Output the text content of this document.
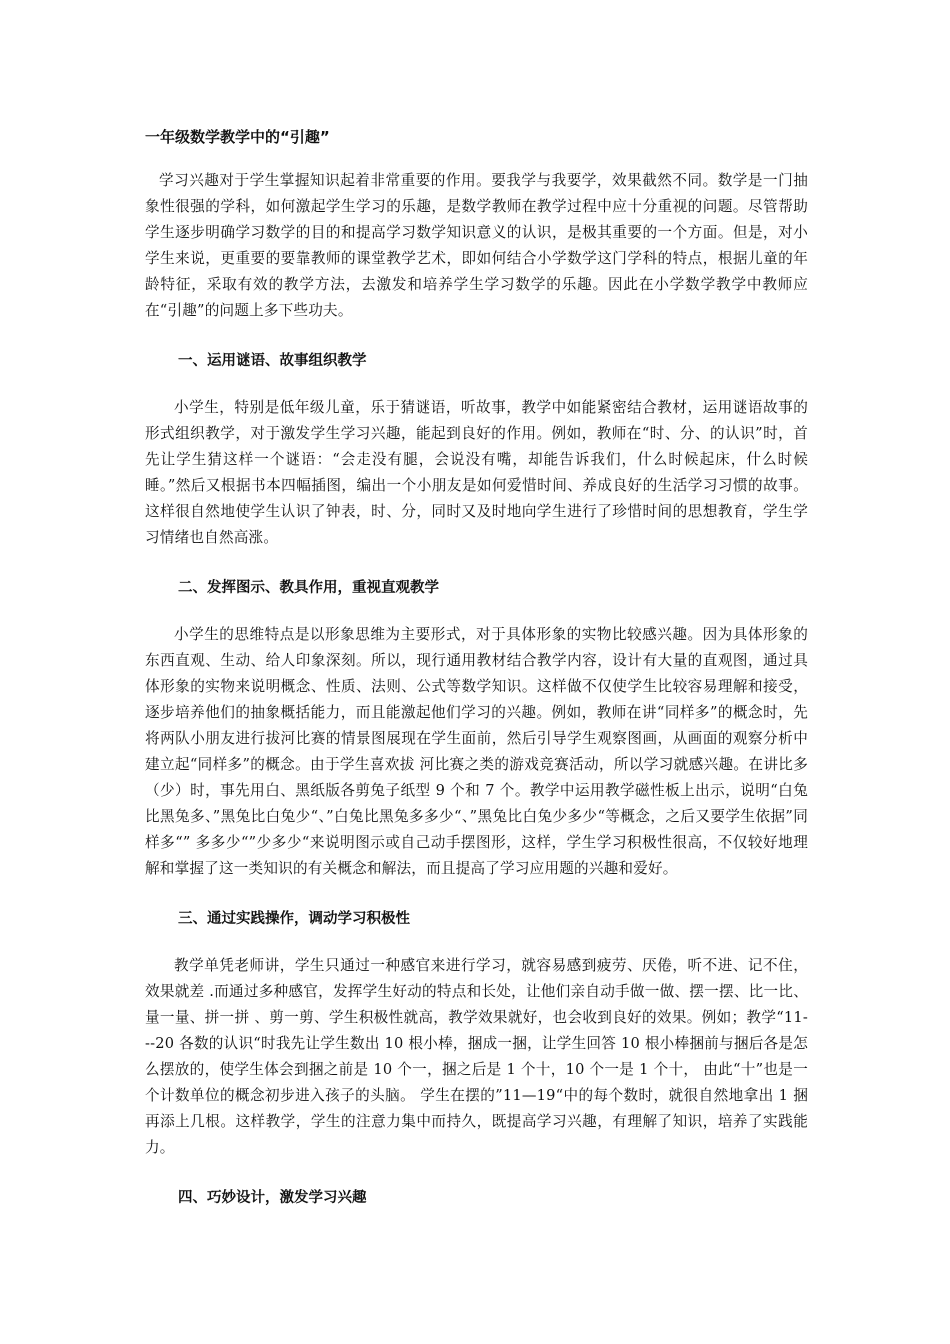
一年级数学教学中的“引趣”

学习兴趣对于学生掌握知识起着非常重要的作用。要我学与我要学，效果截然不同。数学是一门抽象性很强的学科，如何激起学生学习的乐趣，是数学教师在教学过程中应十分重视的问题。尽管帮助学生逐步明确学习数学的目的和提高学习数学知识意义的认识，是极其重要的一个方面。但是，对小学生来说，更重要的要靠教师的课堂教学艺术，即如何结合小学数学这门学科的特点，根据儿童的年龄特征，采取有效的教学方法，去激发和培养学生学习数学的乐趣。因此在小学数学教学中教师应在“引趣”的问题上多下些功夫。

一、运用谜语、故事组织教学

小学生，特别是低年级儿童，乐于猜谜语，听故事，教学中如能紧密结合教材，运用谜语故事的形式组织教学，对于激发学生学习兴趣，能起到良好的作用。例如，教师在“时、分、的认识”时，首先让学生猜这样一个谜语：“会走没有腿，会说没有嘴，却能告诉我们，什么时候起床，什么时候睡。”然后又根据书本四幅插图，编出一个小朋友是如何爱惜时间、养成良好的生活学习习惯的故事。这样很自然地使学生认识了钟表，时、分，同时又及时地向学生进行了珍惜时间的思想教育，学生学习情绪也自然高涨。

二、发挥图示、教具作用，重视直观教学

小学生的思维特点是以形象思维为主要形式，对于具体形象的实物比较感兴趣。因为具体形象的东西直观、生动、给人印象深刻。所以，现行通用教材结合教学内容，设计有大量的直观图，通过具体形象的实物来说明概念、性质、法则、公式等数学知识。这样做不仅使学生比较容易理解和接受，逐步培养他们的抽象概括能力，而且能激起他们学习的兴趣。例如，教师在讲“同样多”的概念时，先将两队小朋友进行拔河比赛的情景图展现在学生面前，然后引导学生观察图画，从画面的观察分析中建立起“同样多”的概念。由于学生喜欢拔 河比赛之类的游戏竞赛活动，所以学习就感兴趣。在讲比多（少）时，事先用白、黑纸版各剪兔子纸型 9 个和 7 个。教学中运用教学磁性板上出示，说明“白兔比黑兔多、”黑兔比白兔少“、”白兔比黑兔多多少“、”黑兔比白兔少多少“等概念，之后又要学生依据”同样多“” 多多少“”少多少“来说明图示或自己动手摆图形，这样，学生学习积极性很高，不仅较好地理解和掌握了这一类知识的有关概念和解法，而且提高了学习应用题的兴趣和爱好。

三、通过实践操作，调动学习积极性

教学单凭老师讲，学生只通过一种感官来进行学习，就容易感到疲劳、厌倦，听不进、记不住，效果就差 .而通过多种感官，发挥学生好动的特点和长处，让他们亲自动手做一做、摆一摆、比一比、量一量、拼一拼 、剪一剪、学生积极性就高，教学效果就好，也会收到良好的效果。例如；教学“11---20 各数的认识“时我先让学生数出 10 根小棒，捆成一捆，让学生回答 10 根小棒捆前与捆后各是怎么摆放的，使学生体会到捆之前是 10 个一，捆之后是 1 个十，10 个一是 1 个十， 由此“十”也是一个计数单位的概念初步进入孩子的头脑。 学生在摆的”11—19“中的每个数时，就很自然地拿出 1 捆再添上几根。这样教学，学生的注意力集中而持久，既提高学习兴趣，有理解了知识，培养了实践能力。

四、巧妙设计，激发学习兴趣
